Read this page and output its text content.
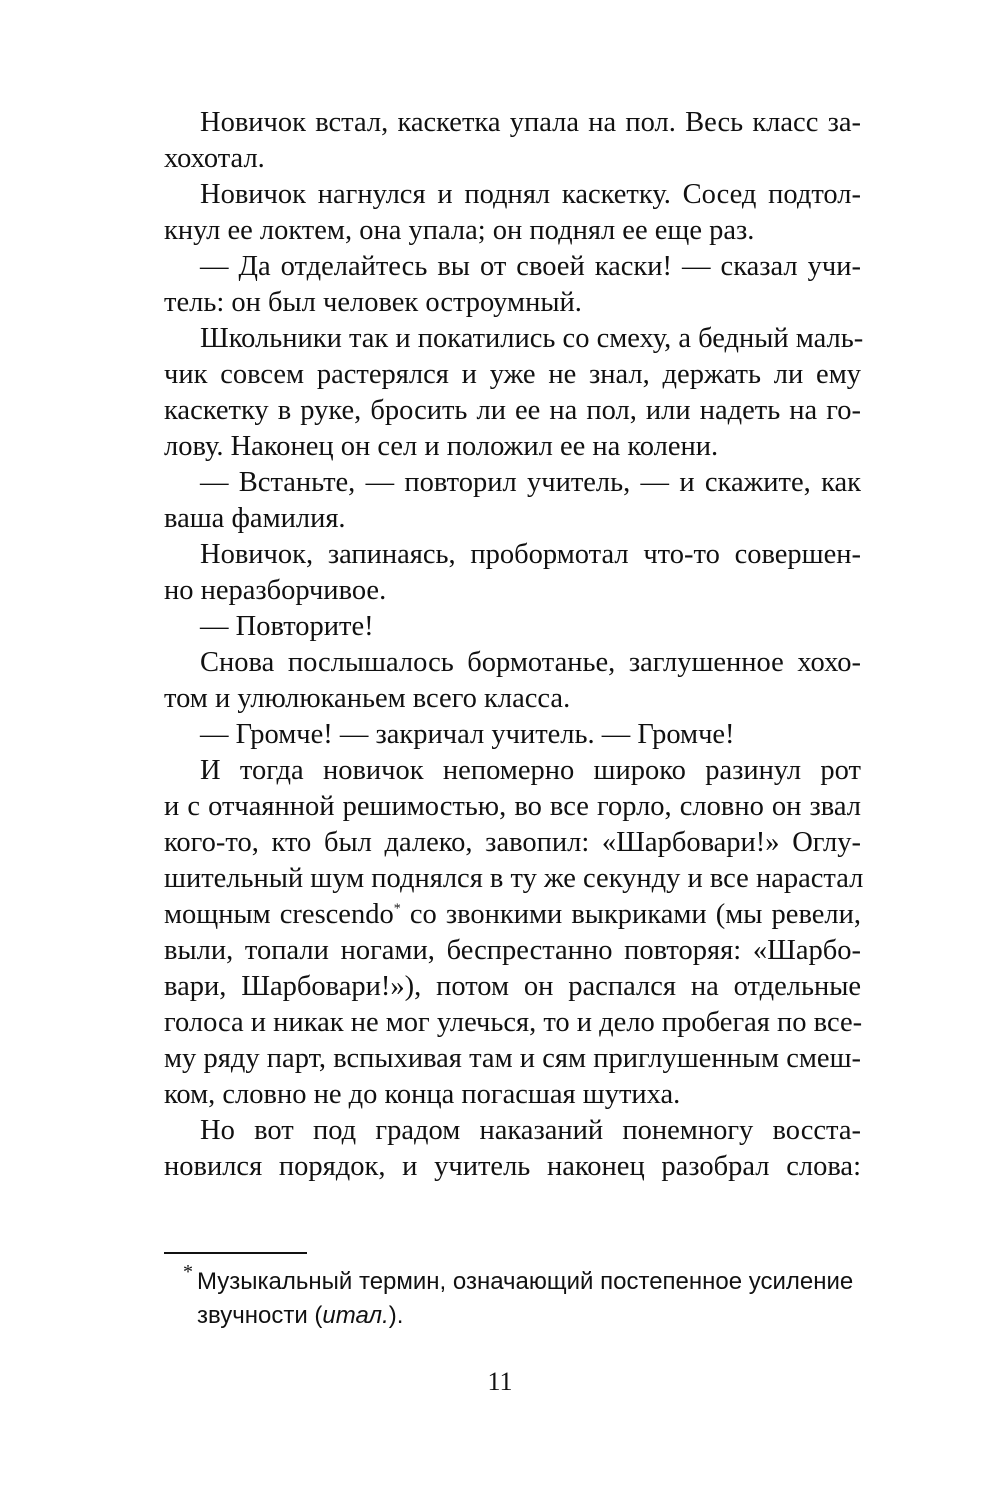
Новичок встал, каскетка упала на пол. Весь класс за-
хохотал.
Новичок нагнулся и поднял каскетку. Сосед подтол-
кнул ее локтем, она упала; он поднял ее еще раз.
— Да отделайтесь вы от своей каски! — сказал учи-
тель: он был человек остроумный.
Школьники так и покатились со смеху, а бедный маль-
чик совсем растерялся и уже не знал, держать ли ему
каскетку в руке, бросить ли ее на пол, или надеть на го-
лову. Наконец он сел и положил ее на колени.
— Встаньте, — повторил учитель, — и скажите, как
ваша фамилия.
Новичок, запинаясь, пробормотал что-то совершен-
но неразборчивое.
— Повторите!
Снова послышалось бормотанье, заглушенное хохо-
том и улюлюканьем всего класса.
— Громче! — закричал учитель. — Громче!
И тогда новичок непомерно широко разинул рот
и с отчаянной решимостью, во все горло, словно он звал
кого-то, кто был далеко, завопил: «Шарбовари!» Оглу-
шительный шум поднялся в ту же секунду и все нарастал
мощным crescendo* со звонкими выкриками (мы ревели,
выли, топали ногами, беспрестанно повторяя: «Шарбо-
вари, Шарбовари!»), потом он распался на отдельные
голоса и никак не мог улечься, то и дело пробегая по все-
му ряду парт, вспыхивая там и сям приглушенным смеш-
ком, словно не до конца погасшая шутиха.
Но вот под градом наказаний понемногу восста-
новился порядок, и учитель наконец разобрал слова:
* Музыкальный термин, означающий постепенное усиление
звучности (итал.).
11
